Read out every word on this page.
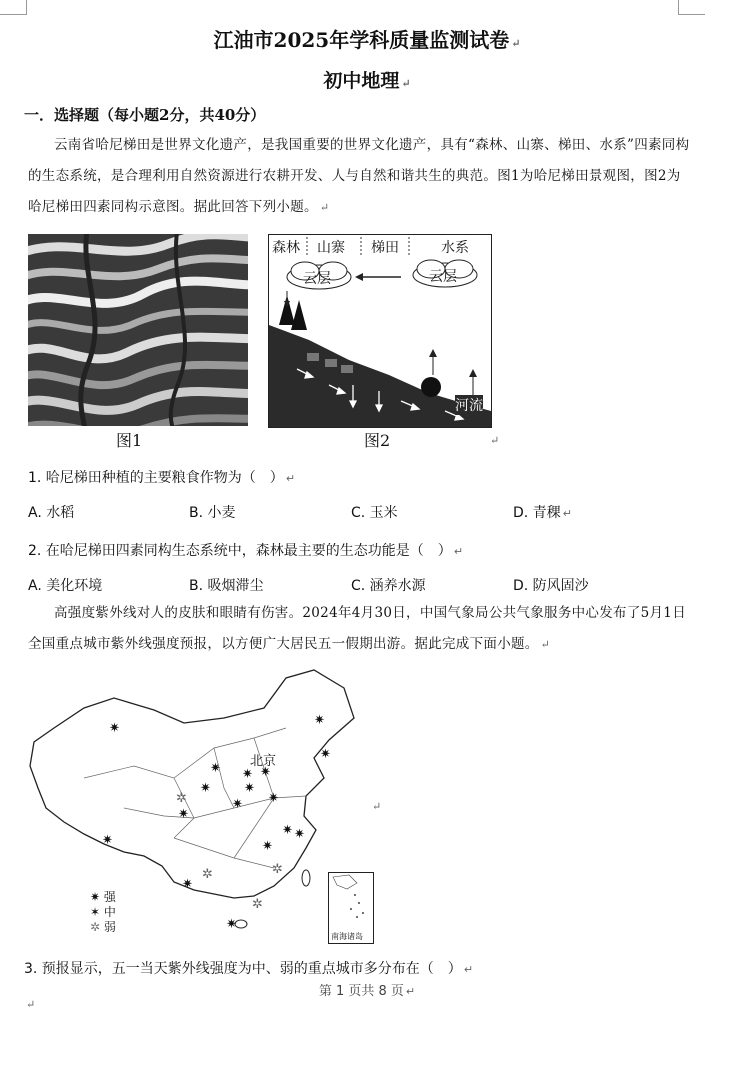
江油市2025年学科质量监测试卷 ↵
初中地理 ↵
一．选择题（每小题2分，共40分）
云南省哈尼梯田是世界文化遗产，是我国重要的世界文化遗产，具有“森林、山寨、梯田、水系”四素同构的生态系统，是合理利用自然资源进行农耕开发、人与自然和谐共生的典范。图1为哈尼梯田景观图，图2为哈尼梯田四素同构示意图。据此回答下列小题。 ↵
图1
森林 山寨 梯田	水系
云层	云层
河流
图2	↵
1. 哈尼梯田种植的主要粮食作物为（　） ↵
A. 水稻	B. 小麦	C. 玉米	D. 青稞 ↵
2. 在哈尼梯田四素同构生态系统中，森林最主要的生态功能是（　） ↵
A. 美化环境	B. 吸烟滞尘	C. 涵养水源	D. 防风固沙
高强度紫外线对人的皮肤和眼睛有伤害。2024年4月30日，中国气象局公共气象服务中心发布了5月1日全国重点城市紫外线强度预报，以方便广大居民五一假期出游。据此完成下面小题。 ↵
✷
✷
✷
✷ ✷ ✷
✷	✷
✷ ✷
✷ ✷
✷
✷
✷
✷
✷
✲
✲
✲
✲
北京
✷ 强
✶ 中
✲ 弱
南海诸岛
↵
3. 预报显示，五一当天紫外线强度为中、弱的重点城市多分布在（　） ↵
第 1 页共 8 页 ↵
↵
